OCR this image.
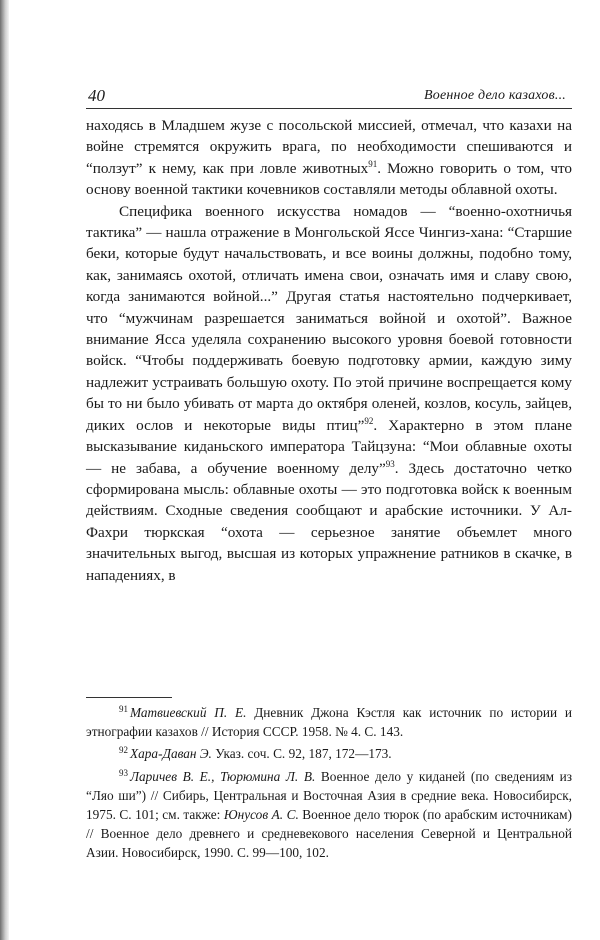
40	Военное дело казахов...

находясь в Младшем жузе с посольской миссией, отмечал, что казахи на войне стремятся окружить врага, по необходимости спешиваются и “ползут” к нему, как при ловле животных$^{91}$. Можно говорить о том, что основу военной тактики кочевников составляли методы облавной охоты.

Специфика военного искусства номадов — “военно-охотничья тактика” — нашла отражение в Монгольской Ясcе Чингиз-хана: “Старшие беки, которые будут начальствовать, и все воины должны, подобно тому, как, занимаясь охотой, отличать имена свои, означать имя и славу свою, когда занимаются войной...” Другая статья настоятельно подчеркивает, что “мужчинам разрешается заниматься войной и охотой”. Важное внимание Ясса уделяла сохранению высокого уровня боевой готовности войск. “Чтобы поддерживать боевую подготовку армии, каждую зиму надлежит устраивать большую охоту. По этой причине воспрещается кому бы то ни было убивать от марта до октября оленей, козлов, косуль, зайцев, диких ослов и некоторые виды птиц”$^{92}$. Характерно в этом плане высказывание киданьского императора Тайцзуна: “Мои облавные охоты — не забава, а обучение военному делу”$^{93}$. Здесь достаточно четко сформирована мысль: облавные охоты — это подготовка войск к военным действиям. Сходные сведения сообщают и арабские источники. У Ал-Фахри тюркская “охота — серьезное занятие объемлет много значительных выгод, высшая из которых упражнение ратников в скачке, в нападениях, в

$^{91}$ Матвиевский П. Е. Дневник Джона Кэстля как источник по истории и этнографии казахов // История СССР. 1958. № 4. С. 143.

$^{92}$ Хара-Даван Э. Указ. соч. С. 92, 187, 172—173.

$^{93}$ Ларичев В. Е., Тюрюмина Л. В. Военное дело у киданей (по сведениям из “Ляо ши”) // Сибирь, Центральная и Восточная Азия в средние века. Новосибирск, 1975. С. 101; см. также: Юнусов А. С. Военное дело тюрок (по арабским источникам) // Военное дело древнего и средневекового населения Северной и Центральной Азии. Новосибирск, 1990. С. 99—100, 102.
